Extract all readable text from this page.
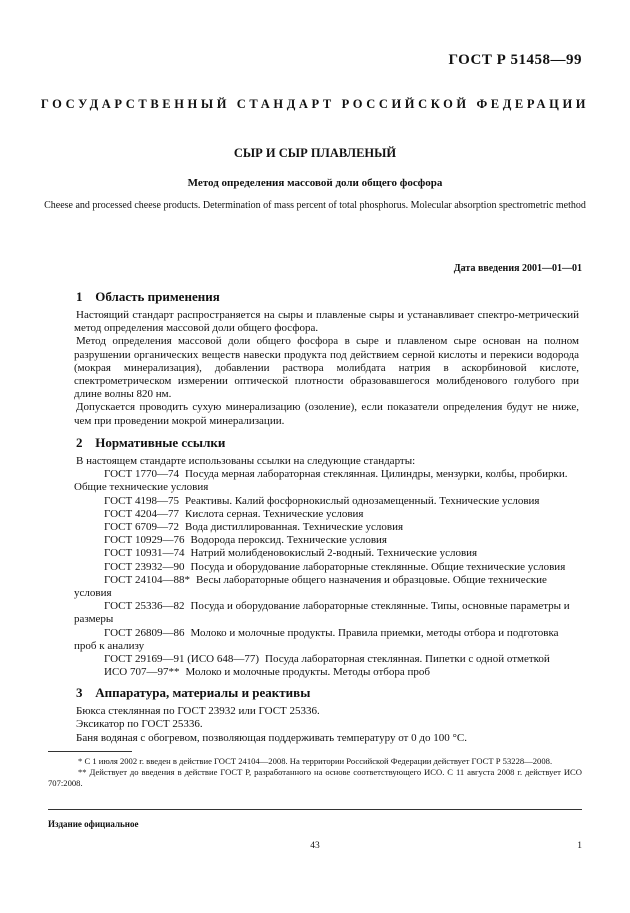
ГОСТ Р 51458—99
ГОСУДАРСТВЕННЫЙ СТАНДАРТ РОССИЙСКОЙ ФЕДЕРАЦИИ
СЫР И СЫР ПЛАВЛЕНЫЙ
Метод определения массовой доли общего фосфора
Cheese and processed cheese products. Determination of mass percent of total phosphorus. Molecular absorption spectrometric method
Дата введения 2001—01—01
1 Область применения

Настоящий стандарт распространяется на сыры и плавленые сыры и устанавливает спектро-метрический метод определения массовой доли общего фосфора.

Метод определения массовой доли общего фосфора в сыре и плавленом сыре основан на полном разрушении органических веществ навески продукта под действием серной кислоты и перекиси водорода (мокрая минерализация), добавлении раствора молибдата натрия в аскорбиновой кислоте, спектрометрическом измерении оптической плотности образовавшегося молибденового голубого при длине волны 820 нм.

Допускается проводить сухую минерализацию (озоление), если показатели определения будут не ниже, чем при проведении мокрой минерализации.

2 Нормативные ссылки

В настоящем стандарте использованы ссылки на следующие стандарты:

ГОСТ 1770—74 Посуда мерная лабораторная стеклянная. Цилиндры, мензурки, колбы, пробирки. Общие технические условия

ГОСТ 4198—75 Реактивы. Калий фосфорнокислый однозамещенный. Технические условия

ГОСТ 4204—77 Кислота серная. Технические условия

ГОСТ 6709—72 Вода дистиллированная. Технические условия

ГОСТ 10929—76 Водорода пероксид. Технические условия

ГОСТ 10931—74 Натрий молибденовокислый 2-водный. Технические условия

ГОСТ 23932—90 Посуда и оборудование лабораторные стеклянные. Общие технические условия

ГОСТ 24104—88* Весы лабораторные общего назначения и образцовые. Общие технические условия

ГОСТ 25336—82 Посуда и оборудование лабораторные стеклянные. Типы, основные параметры и размеры

ГОСТ 26809—86 Молоко и молочные продукты. Правила приемки, методы отбора и подготовка проб к анализу

ГОСТ 29169—91 (ИСО 648—77) Посуда лабораторная стеклянная. Пипетки с одной отметкой

ИСО 707—97** Молоко и молочные продукты. Методы отбора проб

3 Аппаратура, материалы и реактивы
Бюкса стеклянная по ГОСТ 23932 или ГОСТ 25336.
Эксикатор по ГОСТ 25336.
Баня водяная с обогревом, позволяющая поддерживать температуру от 0 до 100 °С.

* С 1 июля 2002 г. введен в действие ГОСТ 24104—2008. На территории Российской Федерации действует ГОСТ Р 53228—2008.

** Действует до введения в действие ГОСТ Р, разработанного на основе соответствующего ИСО. С 11 августа 2008 г. действует ИСО 707:2008.

Издание официальное
43	1
